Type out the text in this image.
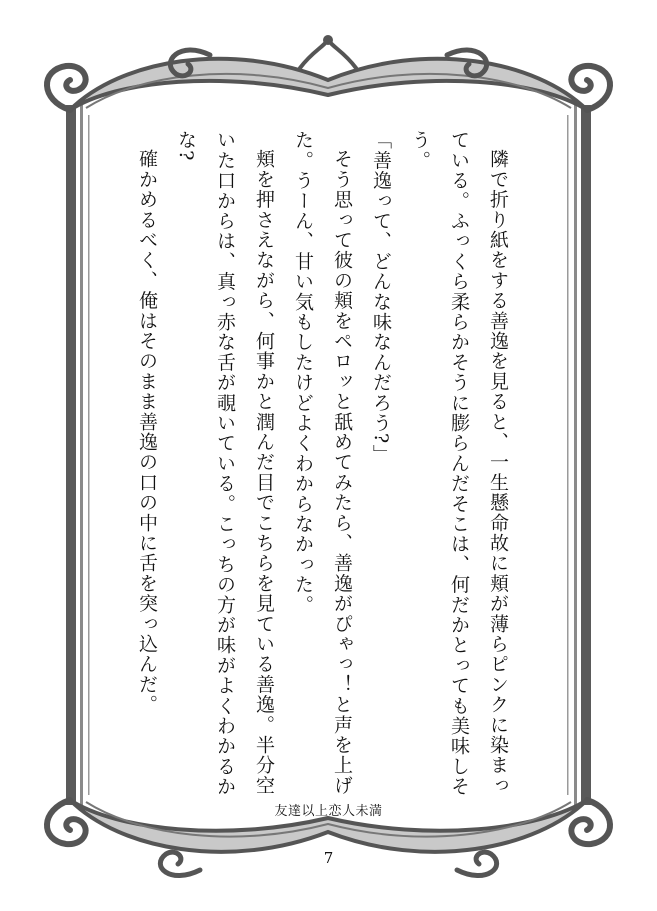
隣で折り紙をする善逸を見ると、一生懸命故に頬が薄らピンクに染まっている。ふっくら柔らかそうに膨らんだそこは、何だかとっても美味しそう。

「善逸って、どんな味なんだろう?」

そう思って彼の頬をペロッと舐めてみたら、善逸がぴゃっ！と声を上げた。うーん、甘い気もしたけどよくわからなかった。

頬を押さえながら、何事かと潤んだ目でこちらを見ている善逸。半分空いた口からは、真っ赤な舌が覗いている。こっちの方が味がよくわかるかな?

確かめるべく、俺はそのまま善逸の口の中に舌を突っ込んだ。

友達以上恋人未満
7
